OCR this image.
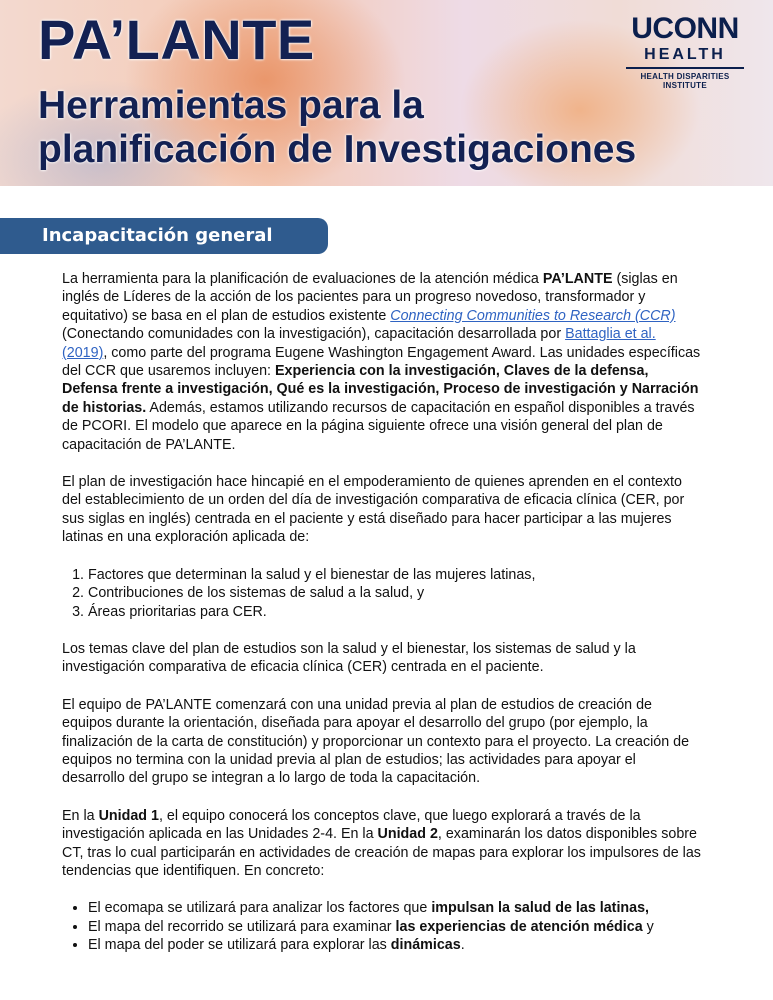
PA’LANTE
Herramientas para la
planificación de Investigaciones
UCONN
HEALTH
HEALTH DISPARITIES
INSTITUTE
Incapacitación general

La herramienta para la planificación de evaluaciones de la atención médica PA’LANTE (siglas en inglés de Líderes de la acción de los pacientes para un progreso novedoso, transformador y equitativo) se basa en el plan de estudios existente Connecting Communities to Research (CCR) (Conectando comunidades con la investigación), capacitación desarrollada por Battaglia et al. (2019), como parte del programa Eugene Washington Engagement Award. Las unidades específicas del CCR que usaremos incluyen: Experiencia con la investigación, Claves de la defensa, Defensa frente a investigación, Qué es la investigación, Proceso de investigación y Narración de historias. Además, estamos utilizando recursos de capacitación en español disponibles a través de PCORI. El modelo que aparece en la página siguiente ofrece una visión general del plan de capacitación de PA’LANTE.

El plan de investigación hace hincapié en el empoderamiento de quienes aprenden en el contexto del establecimiento de un orden del día de investigación comparativa de eficacia clínica (CER, por sus siglas en inglés) centrada en el paciente y está diseñado para hacer participar a las mujeres latinas en una exploración aplicada de:

1. Factores que determinan la salud y el bienestar de las mujeres latinas,
2. Contribuciones de los sistemas de salud a la salud, y
3. Áreas prioritarias para CER.

Los temas clave del plan de estudios son la salud y el bienestar, los sistemas de salud y la investigación comparativa de eficacia clínica (CER) centrada en el paciente.

El equipo de PA’LANTE comenzará con una unidad previa al plan de estudios de creación de equipos durante la orientación, diseñada para apoyar el desarrollo del grupo (por ejemplo, la finalización de la carta de constitución) y proporcionar un contexto para el proyecto. La creación de equipos no termina con la unidad previa al plan de estudios; las actividades para apoyar el desarrollo del grupo se integran a lo largo de toda la capacitación.

En la Unidad 1, el equipo conocerá los conceptos clave, que luego explorará a través de la investigación aplicada en las Unidades 2-4. En la Unidad 2, examinarán los datos disponibles sobre CT, tras lo cual participarán en actividades de creación de mapas para explorar los impulsores de las tendencias que identifiquen. En concreto:

• El ecomapa se utilizará para analizar los factores que impulsan la salud de las latinas,
• El mapa del recorrido se utilizará para examinar las experiencias de atención médica y
• El mapa del poder se utilizará para explorar las dinámicas.
